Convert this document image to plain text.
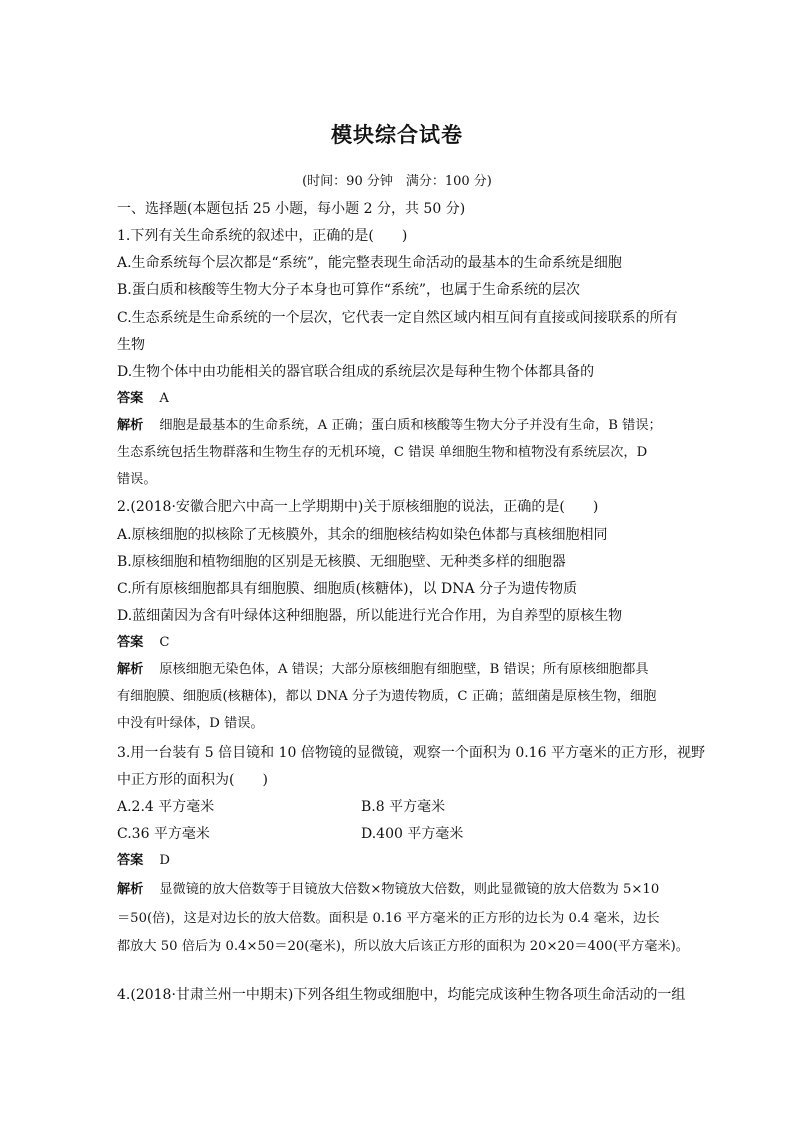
模块综合试卷
(时间：90 分钟　满分：100 分)
一、选择题(本题包括 25 小题，每小题 2 分，共 50 分)
1.下列有关生命系统的叙述中，正确的是(　　)
A.生命系统每个层次都是“系统”，能完整表现生命活动的最基本的生命系统是细胞
B.蛋白质和核酸等生物大分子本身也可算作“系统”，也属于生命系统的层次
C.生态系统是生命系统的一个层次，它代表一定自然区域内相互间有直接或间接联系的所有
生物
D.生物个体中由功能相关的器官联合组成的系统层次是每种生物个体都具备的
答案 A
解析 细胞是最基本的生命系统，A 正确；蛋白质和核酸等生物大分子并没有生命，B 错误；
生态系统包括生物群落和生物生存的无机环境，C 错误 单细胞生物和植物没有系统层次，D
错误。
2.(2018·安徽合肥六中高一上学期期中)关于原核细胞的说法，正确的是(　　)
A.原核细胞的拟核除了无核膜外，其余的细胞核结构如染色体都与真核细胞相同
B.原核细胞和植物细胞的区别是无核膜、无细胞壁、无种类多样的细胞器
C.所有原核细胞都具有细胞膜、细胞质(核糖体)，以 DNA 分子为遗传物质
D.蓝细菌因为含有叶绿体这种细胞器，所以能进行光合作用，为自养型的原核生物
答案 C
解析 原核细胞无染色体，A 错误；大部分原核细胞有细胞壁，B 错误；所有原核细胞都具
有细胞膜、细胞质(核糖体)，都以 DNA 分子为遗传物质，C 正确；蓝细菌是原核生物，细胞
中没有叶绿体，D 错误。
3.用一台装有 5 倍目镜和 10 倍物镜的显微镜，观察一个面积为 0.16 平方毫米的正方形，视野
中正方形的面积为(　　)
A.2.4 平方毫米	B.8 平方毫米
C.36 平方毫米	D.400 平方毫米
答案 D
解析 显微镜的放大倍数等于目镜放大倍数×物镜放大倍数，则此显微镜的放大倍数为 5×10
＝50(倍)，这是对边长的放大倍数。面积是 0.16 平方毫米的正方形的边长为 0.4 毫米，边长
都放大 50 倍后为 0.4×50＝20(毫米)，所以放大后该正方形的面积为 20×20＝400(平方毫米)。
4.(2018·甘肃兰州一中期末)下列各组生物或细胞中，均能完成该种生物各项生命活动的一组
